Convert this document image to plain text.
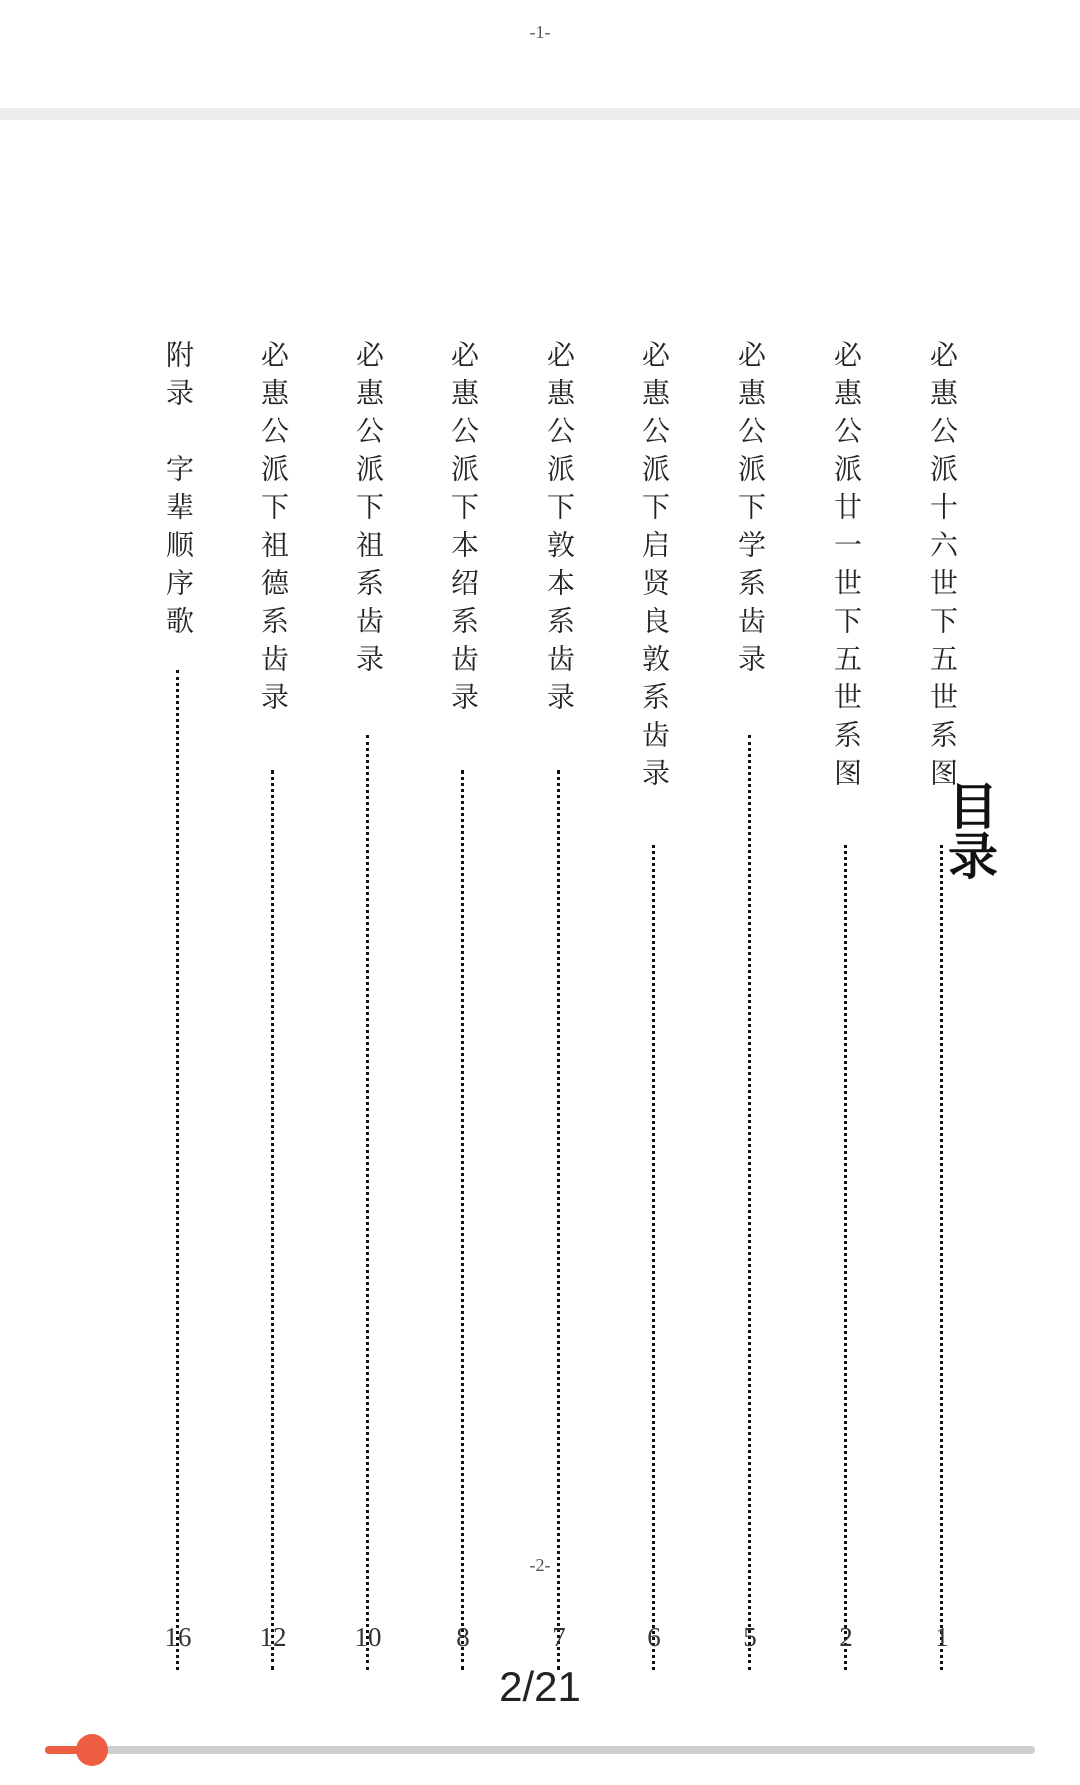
-1-
目录
必惠公派十六世下五世系图
必惠公派廿一世下五世系图
必惠公派下学系齿录
必惠公派下启贤良敦系齿录
必惠公派下敦本系齿录
必惠公派下本绍系齿录
必惠公派下祖系齿录
必惠公派下祖德系齿录
附录　字辈顺序歌
1
2
5
6
7
8
10
12
16
-2-
2/21
